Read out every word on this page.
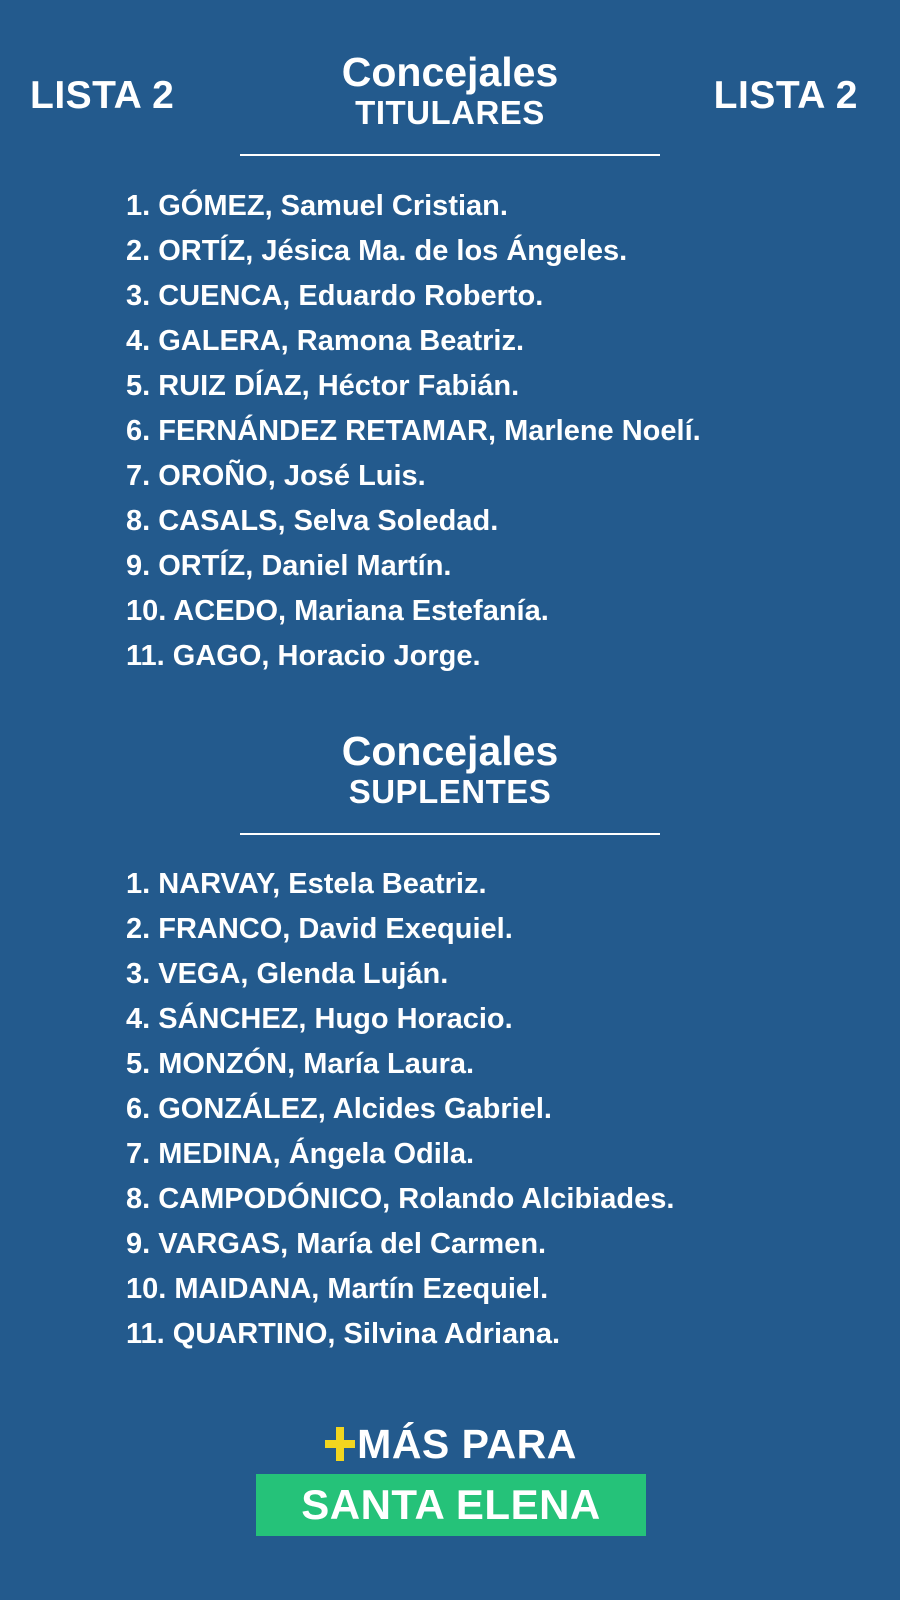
LISTA 2	LISTA 2
Concejales
TITULARES
1. GÓMEZ, Samuel Cristian.
2. ORTÍZ, Jésica Ma. de los Ángeles.
3. CUENCA, Eduardo Roberto.
4. GALERA, Ramona Beatriz.
5. RUIZ DÍAZ, Héctor Fabián.
6. FERNÁNDEZ RETAMAR, Marlene Noelí.
7. OROÑO, José Luis.
8. CASALS, Selva Soledad.
9. ORTÍZ, Daniel Martín.
10. ACEDO, Mariana Estefanía.
11. GAGO, Horacio Jorge.
Concejales
SUPLENTES
1. NARVAY, Estela Beatriz.
2. FRANCO, David Exequiel.
3. VEGA, Glenda Luján.
4. SÁNCHEZ, Hugo Horacio.
5. MONZÓN, María Laura.
6. GONZÁLEZ, Alcides Gabriel.
7. MEDINA, Ángela Odila.
8. CAMPODÓNICO, Rolando Alcibiades.
9. VARGAS, María del Carmen.
10. MAIDANA, Martín Ezequiel.
11. QUARTINO, Silvina Adriana.
MÁS PARA
SANTA ELENA
